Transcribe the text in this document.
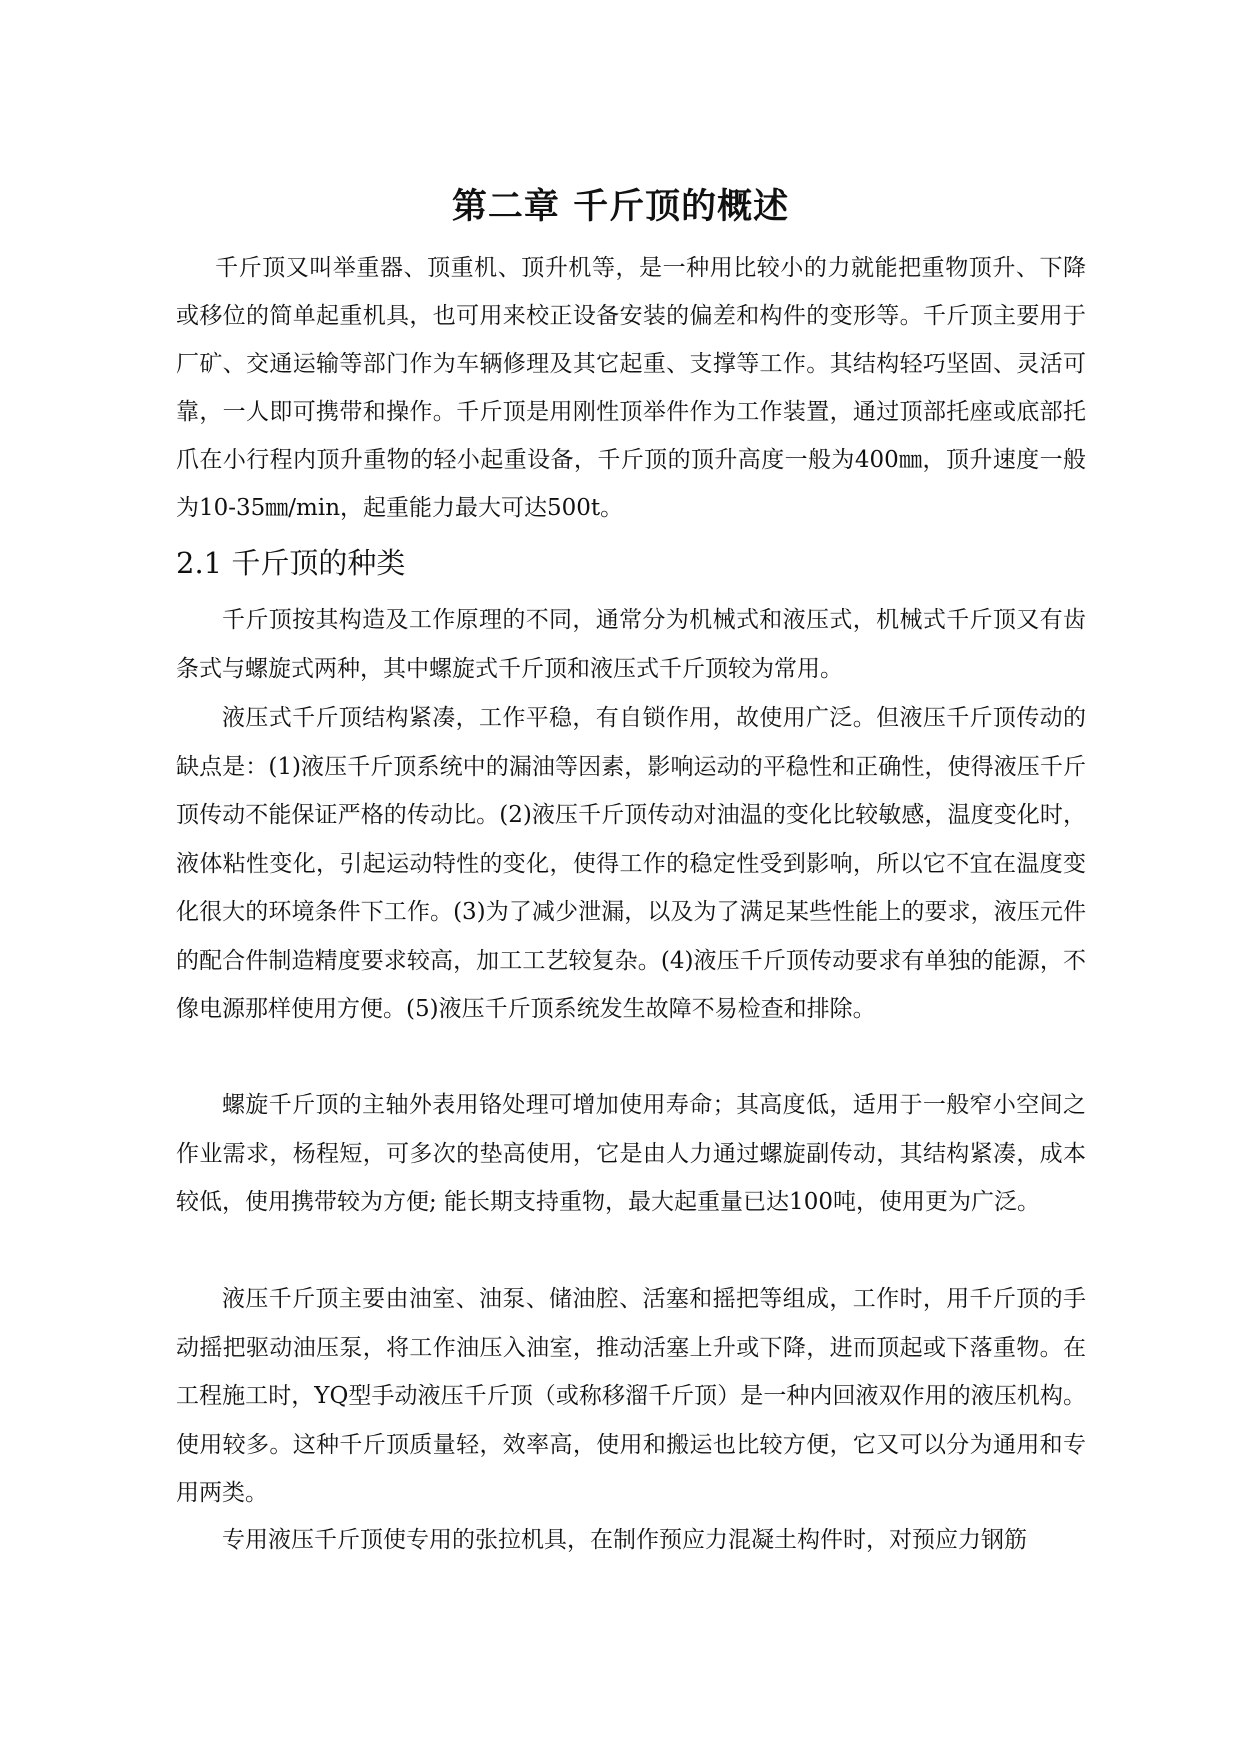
第二章 千斤顶的概述

千斤顶又叫举重器、顶重机、顶升机等，是一种用比较小的力就能把重物顶升、下降或移位的简单起重机具，也可用来校正设备安装的偏差和构件的变形等。千斤顶主要用于厂矿、交通运输等部门作为车辆修理及其它起重、支撑等工作。其结构轻巧坚固、灵活可靠，一人即可携带和操作。千斤顶是用刚性顶举件作为工作装置，通过顶部托座或底部托爪在小行程内顶升重物的轻小起重设备，千斤顶的顶升高度一般为400㎜，顶升速度一般为10-35㎜/min，起重能力最大可达500t。

2.1 千斤顶的种类

千斤顶按其构造及工作原理的不同，通常分为机械式和液压式，机械式千斤顶又有齿条式与螺旋式两种，其中螺旋式千斤顶和液压式千斤顶较为常用。

液压式千斤顶结构紧凑，工作平稳，有自锁作用，故使用广泛。但液压千斤顶传动的缺点是：(1)液压千斤顶系统中的漏油等因素，影响运动的平稳性和正确性，使得液压千斤顶传动不能保证严格的传动比。(2)液压千斤顶传动对油温的变化比较敏感，温度变化时，液体粘性变化，引起运动特性的变化，使得工作的稳定性受到影响，所以它不宜在温度变化很大的环境条件下工作。(3)为了减少泄漏，以及为了满足某些性能上的要求，液压元件的配合件制造精度要求较高，加工工艺较复杂。(4)液压千斤顶传动要求有单独的能源，不像电源那样使用方便。(5)液压千斤顶系统发生故障不易检查和排除。

螺旋千斤顶的主轴外表用铬处理可增加使用寿命；其高度低，适用于一般窄小空间之作业需求，杨程短，可多次的垫高使用，它是由人力通过螺旋副传动，其结构紧凑，成本较低，使用携带较为方便; 能长期支持重物，最大起重量已达100吨，使用更为广泛。

液压千斤顶主要由油室、油泵、储油腔、活塞和摇把等组成，工作时，用千斤顶的手动摇把驱动油压泵，将工作油压入油室，推动活塞上升或下降，进而顶起或下落重物。在工程施工时，YQ型手动液压千斤顶（或称移溜千斤顶）是一种内回液双作用的液压机构。使用较多。这种千斤顶质量轻，效率高，使用和搬运也比较方便，它又可以分为通用和专用两类。

专用液压千斤顶使专用的张拉机具，在制作预应力混凝土构件时，对预应力钢筋
